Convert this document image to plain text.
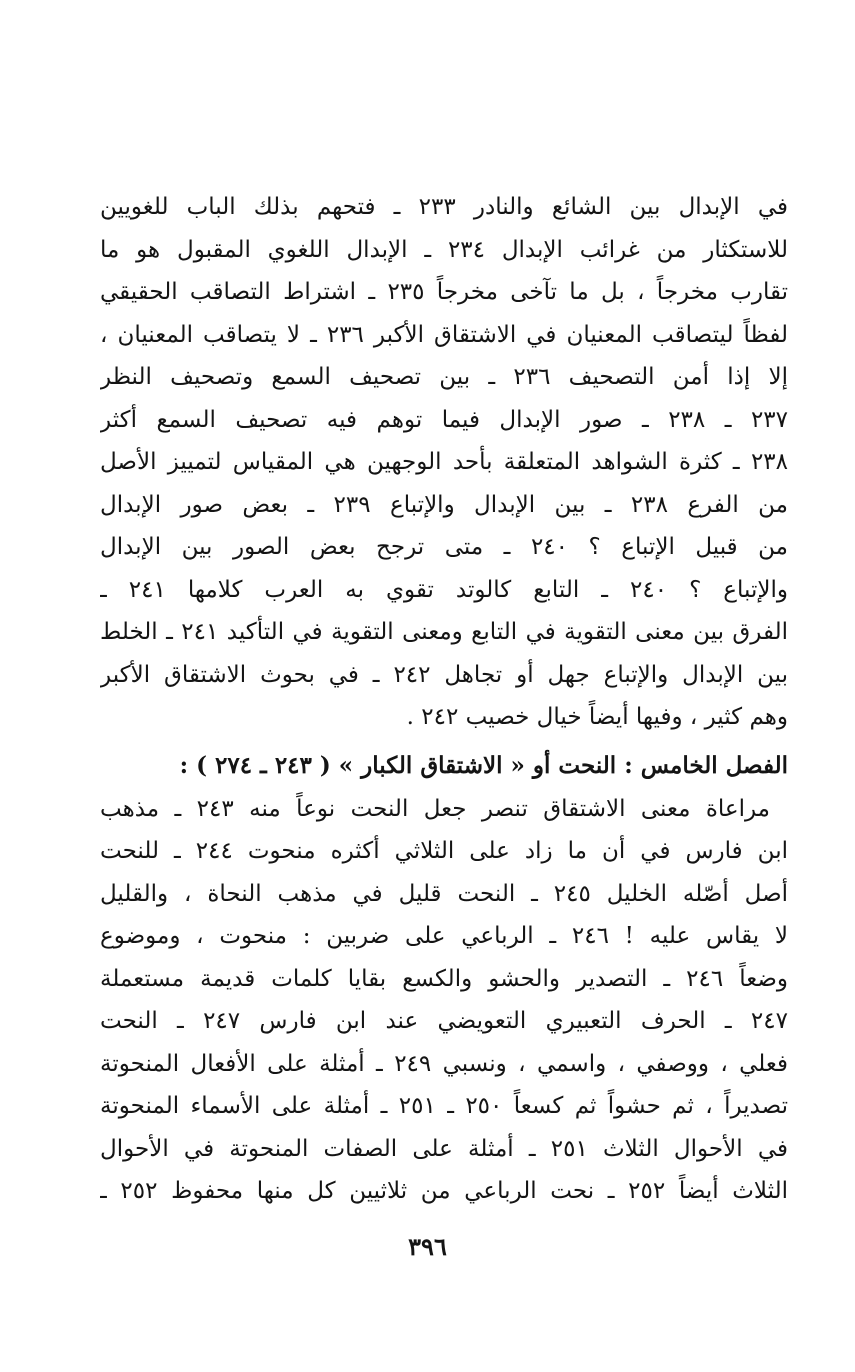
في الإبدال بين الشائع والنادر ٢٣٣ ـ فتحهم بذلك الباب للغويين
للاستكثار من غرائب الإبدال ٢٣٤ ـ الإبدال اللغوي المقبول هو ما
تقارب مخرجاً ، بل ما تآخى مخرجاً ٢٣٥ ـ اشتراط التصاقب الحقيقي
لفظاً ليتصاقب المعنيان في الاشتقاق الأكبر ٢٣٦ ـ لا يتصاقب المعنيان ،
إلا إذا أمن التصحيف ٢٣٦ ـ بين تصحيف السمع وتصحيف النظر
٢٣٧ ـ ٢٣٨ ـ صور الإبدال فيما توهم فيه تصحيف السمع أكثر
٢٣٨ ـ كثرة الشواهد المتعلقة بأحد الوجهين هي المقياس لتمييز الأصل
من الفرع ٢٣٨ ـ بين الإبدال والإتباع ٢٣٩ ـ بعض صور الإبدال
من قبيل الإتباع ؟ ٢٤٠ ـ متى ترجح بعض الصور بين الإبدال
والإتباع ؟ ٢٤٠ ـ التابع كالوتد تقوي به العرب كلامها ٢٤١ ـ
الفرق بين معنى التقوية في التابع ومعنى التقوية في التأكيد ٢٤١ ـ الخلط
بين الإبدال والإتباع جهل أو تجاهل ٢٤٢ ـ في بحوث الاشتقاق الأكبر
وهم كثير ، وفيها أيضاً خيال خصيب ٢٤٢ .
الفصل الخامس : النحت أو « الاشتقاق الكبار » ( ٢٤٣ ـ ٢٧٤ ) :
مراعاة معنى الاشتقاق تنصر جعل النحت نوعاً منه ٢٤٣ ـ مذهب
ابن فارس في أن ما زاد على الثلاثي أكثره منحوت ٢٤٤ ـ للنحت
أصل أصّله الخليل ٢٤٥ ـ النحت قليل في مذهب النحاة ، والقليل
لا يقاس عليه ! ٢٤٦ ـ الرباعي على ضربين : منحوت ، وموضوع
وضعاً ٢٤٦ ـ التصدير والحشو والكسع بقايا كلمات قديمة مستعملة
٢٤٧ ـ الحرف التعبيري التعويضي عند ابن فارس ٢٤٧ ـ النحت
فعلي ، ووصفي ، واسمي ، ونسبي ٢٤٩ ـ أمثلة على الأفعال المنحوتة
تصديراً ، ثم حشواً ثم كسعاً ٢٥٠ ـ ٢٥١ ـ أمثلة على الأسماء المنحوتة
في الأحوال الثلاث ٢٥١ ـ أمثلة على الصفات المنحوتة في الأحوال
الثلاث أيضاً ٢٥٢ ـ نحت الرباعي من ثلاثيين كل منها محفوظ ٢٥٢ ـ
٣٩٦
